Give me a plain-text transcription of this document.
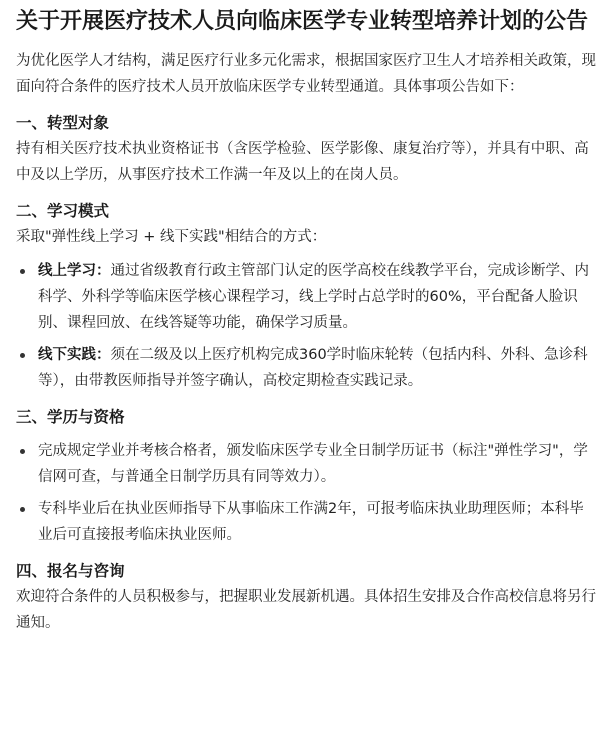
关于开展医疗技术人员向临床医学专业转型培养计划的公告

为优化医学人才结构，满足医疗行业多元化需求，根据国家医疗卫生人才培养相关政策，现面向符合条件的医疗技术人员开放临床医学专业转型通道。具体事项公告如下：

一、转型对象

持有相关医疗技术执业资格证书（含医学检验、医学影像、康复治疗等），并具有中职、高中及以上学历，从事医疗技术工作满一年及以上的在岗人员。

二、学习模式

采取"弹性线上学习 + 线下实践"相结合的方式：

线上学习：通过省级教育行政主管部门认定的医学高校在线教学平台，完成诊断学、内科学、外科学等临床医学核心课程学习，线上学时占总学时的60%，平台配备人脸识别、课程回放、在线答疑等功能，确保学习质量。
线下实践：须在二级及以上医疗机构完成360学时临床轮转（包括内科、外科、急诊科等），由带教医师指导并签字确认，高校定期检查实践记录。
三、学历与资格
完成规定学业并考核合格者，颁发临床医学专业全日制学历证书（标注"弹性学习"，学信网可查，与普通全日制学历具有同等效力）。
专科毕业后在执业医师指导下从事临床工作满2年，可报考临床执业助理医师；本科毕业后可直接报考临床执业医师。
四、报名与咨询

欢迎符合条件的人员积极参与，把握职业发展新机遇。具体招生安排及合作高校信息将另行通知。
